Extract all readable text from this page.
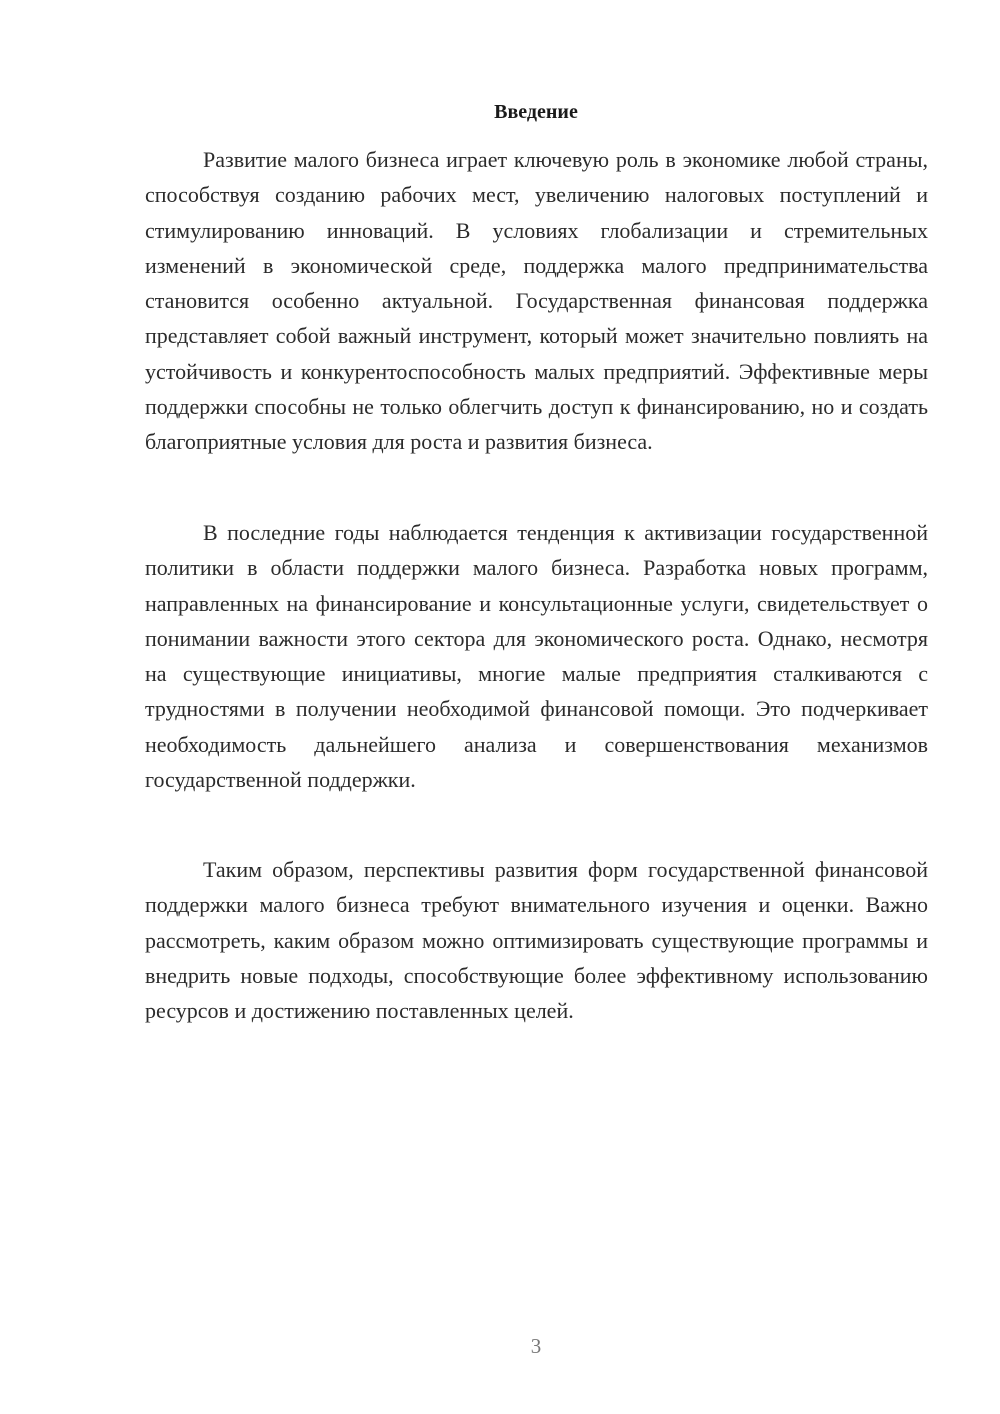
Введение

Развитие малого бизнеса играет ключевую роль в экономике любой страны, способствуя созданию рабочих мест, увеличению налоговых поступлений и стимулированию инноваций. В условиях глобализации и стремительных изменений в экономической среде, поддержка малого предпринимательства становится особенно актуальной. Государственная финансовая поддержка представляет собой важный инструмент, который может значительно повлиять на устойчивость и конкурентоспособность малых предприятий. Эффективные меры поддержки способны не только облегчить доступ к финансированию, но и создать благоприятные условия для роста и развития бизнеса.

В последние годы наблюдается тенденция к активизации государственной политики в области поддержки малого бизнеса. Разработка новых программ, направленных на финансирование и консультационные услуги, свидетельствует о понимании важности этого сектора для экономического роста. Однако, несмотря на существующие инициативы, многие малые предприятия сталкиваются с трудностями в получении необходимой финансовой помощи. Это подчеркивает необходимость дальнейшего анализа и совершенствования механизмов государственной поддержки.

Таким образом, перспективы развития форм государственной финансовой поддержки малого бизнеса требуют внимательного изучения и оценки. Важно рассмотреть, каким образом можно оптимизировать существующие программы и внедрить новые подходы, способствующие более эффективному использованию ресурсов и достижению поставленных целей.

3
